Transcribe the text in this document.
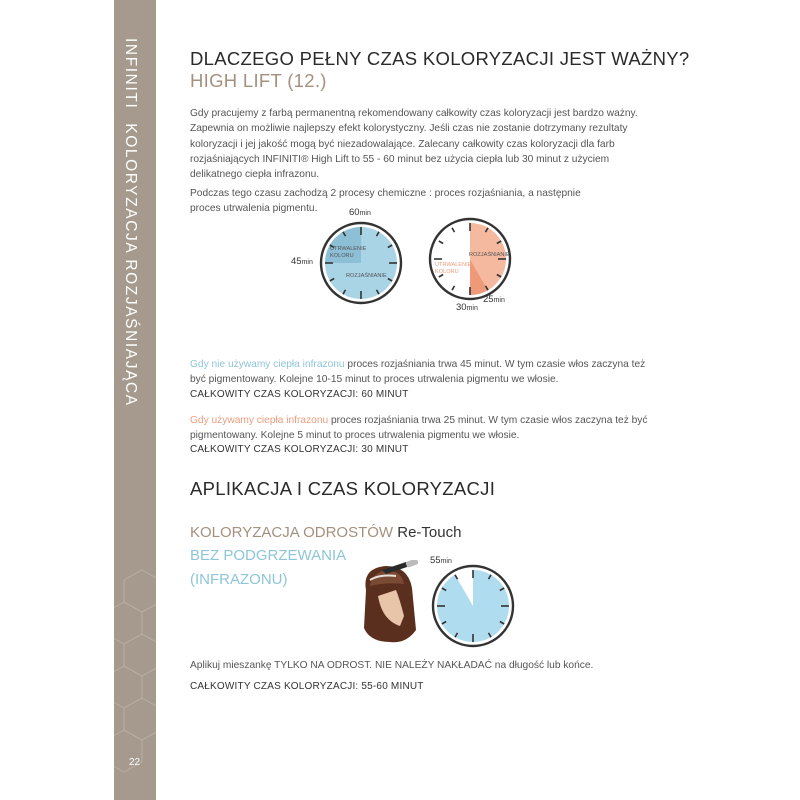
INFINITI KOLORYZACJA ROZJAŚNIAJĄCA
22
DLACZEGO PEŁNY CZAS KOLORYZACJI JEST WAŻNY?
HIGH LIFT (12.)
Gdy pracujemy z farbą permanentną rekomendowany całkowity czas koloryzacji jest bardzo ważny. Zapewnia on możliwie najlepszy efekt kolorystyczny. Jeśli czas nie zostanie dotrzymany rezultaty koloryzacji i jej jakość mogą być niezadowalające. Zalecany całkowity czas koloryzacji dla farb rozjaśniających INFINITI® High Lift to 55 - 60 minut bez użycia ciepła lub 30 minut z użyciem delikatnego ciepła infrazonu.
Podczas tego czasu zachodzą 2 procesy chemiczne : proces rozjaśniania, a następnie proces utrwalenia pigmentu.
UTRWALENIE
KOLORU
ROZJAŚNIANIE
60min
45min	UTRWALENIE
KOLORU
ROZJAŚNIANIE
25min
30min
Gdy nie używamy ciepła infrazonu proces rozjaśniania trwa 45 minut. W tym czasie włos zaczyna też być pigmentowany. Kolejne 10-15 minut to proces utrwalenia pigmentu we włosie.
CAŁKOWITY CZAS KOLORYZACJI: 60 MINUT
Gdy używamy ciepła infrazonu proces rozjaśniania trwa 25 minut. W tym czasie włos zaczyna też być pigmentowany. Kolejne 5 minut to proces utrwalenia pigmentu we włosie.
CAŁKOWITY CZAS KOLORYZACJI: 30 MINUT
APLIKACJA I CZAS KOLORYZACJI
KOLORYZACJA ODROSTÓW Re-Touch
BEZ PODGRZEWANIA
(INFRAZONU)
55min
Aplikuj mieszankę TYLKO NA ODROST. NIE NALEŻY NAKŁADAĆ na długość lub końce.
CAŁKOWITY CZAS KOLORYZACJI: 55-60 MINUT
